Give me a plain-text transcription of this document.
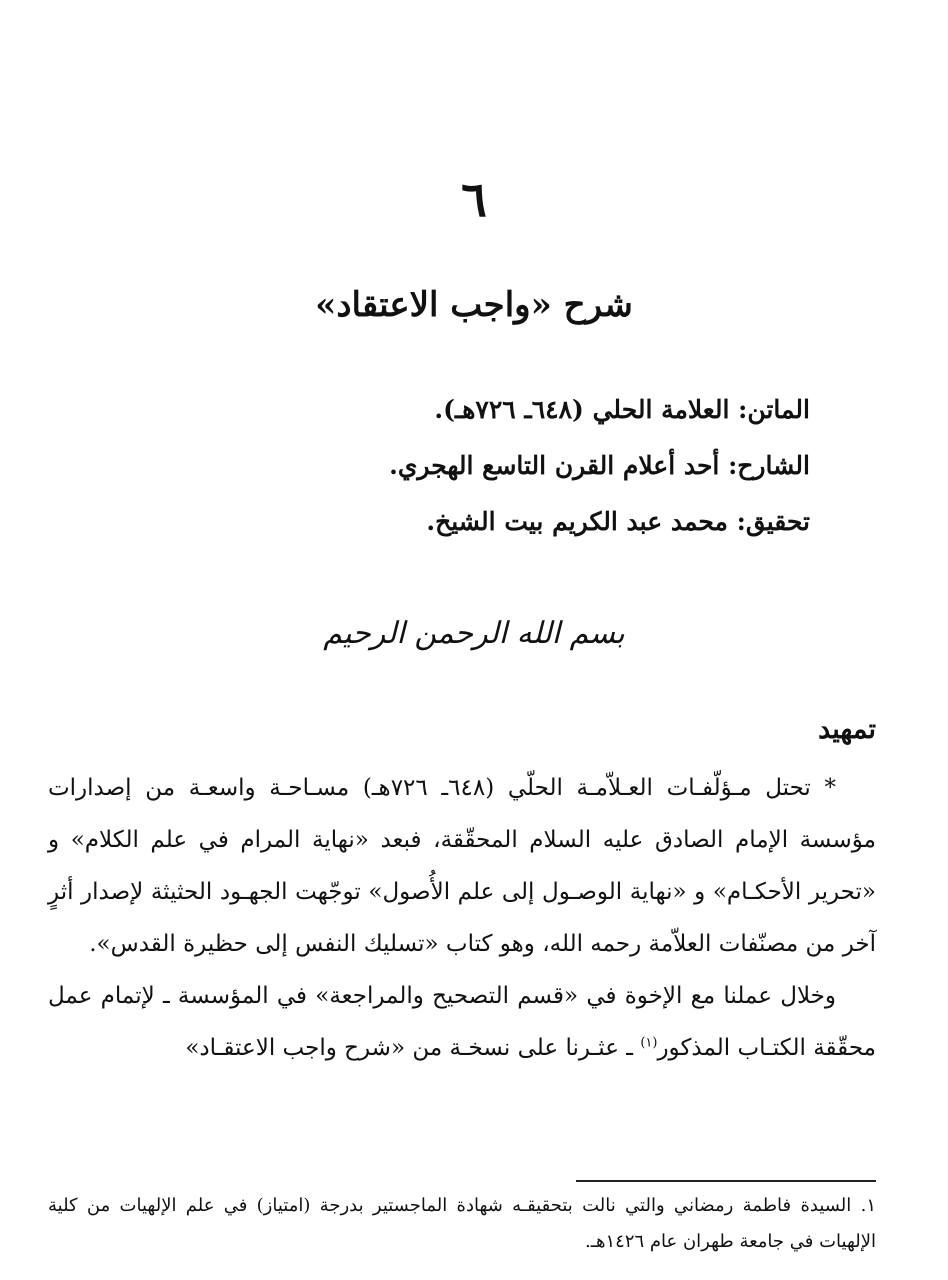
٦
شرح «واجب الاعتقاد»
الماتن: العلامة الحلي (٦٤٨ـ ٧٢٦هـ).
الشارح: أحد أعلام القرن التاسع الهجري.
تحقيق: محمد عبد الكريم بيت الشيخ.
بسم الله الرحمن الرحيم
تمهيد

* تحتل مـؤلّفـات العـلاّمـة الحلّي (٦٤٨ـ ٧٢٦هـ) مسـاحـة واسعـة من إصدارات مؤسسة الإمام الصادق عليه السلام المحقّقة، فبعد «نهاية المرام في علم الكلام» و «تحرير الأحكـام» و «نهاية الوصـول إلى علم الأُصول» توجّهت الجهـود الحثيثة لإصدار أثرٍ آخر من مصنّفات العلاّمة رحمه الله، وهو كتاب «تسليك النفس إلى حظيرة القدس».

وخلال عملنا مع الإخوة في «قسم التصحيح والمراجعة» في المؤسسة ـ لإتمام عمل محقّقة الكتـاب المذكور$^{(١)}$ ـ عثـرنا على نسخـة من «شرح واجب الاعتقـاد»

١. السيدة فاطمة رمضاني والتي نالت بتحقيقـه شهادة الماجستير بدرجة (امتياز) في علم الإلهيات من كلية الإلهيات في جامعة طهران عام ١٤٢٦هـ.
